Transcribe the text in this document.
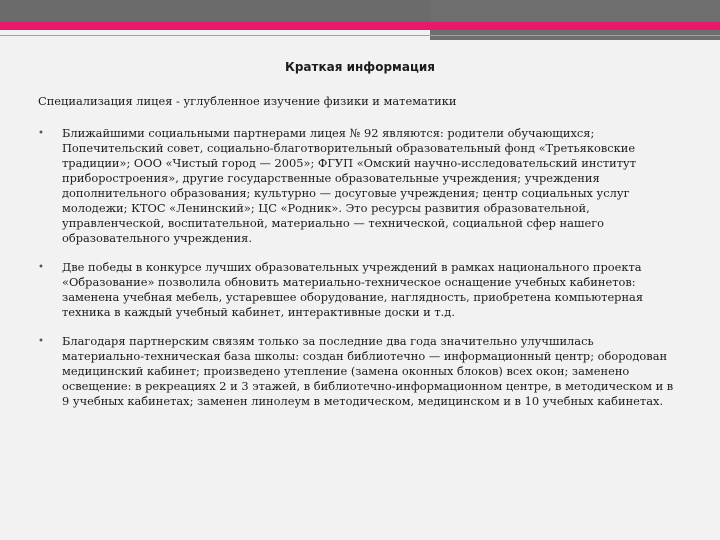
Краткая информация
Специализация лицея - углубленное изучение физики и математики
• Ближайшими социальными партнерами лицея № 92 являются: родители обучающихся; Попечительский совет, социально-благотворительный образовательный фонд «Третьяковские традиции»; ООО «Чистый город — 2005»; ФГУП «Омский научно-исследовательский институт приборостроения», другие государственные образовательные учреждения; учреждения дополнительного образования; культурно — досуговые учреждения; центр социальных услуг молодежи; КТОС «Ленинский»; ЦС «Родник». Это ресурсы развития образовательной, управленческой, воспитательной, материально — технической, социальной сфер нашего образовательного учреждения.
• Две победы в конкурсе лучших образовательных учреждений в рамках национального проекта «Образование» позволила обновить материально-техническое оснащение учебных кабинетов: заменена учебная мебель, устаревшее оборудование, наглядность, приобретена компьютерная техника в каждый учебный кабинет, интерактивные доски и т.д.
• Благодаря партнерским связям только за последние два года значительно улучшилась материально-техническая база школы: создан библиотечно — информационный центр; обородован медицинский кабинет; произведено утепление (замена оконных блоков) всех окон; заменено освещение: в рекреациях 2 и 3 этажей, в библиотечно-информационном центре, в методическом и в 9 учебных кабинетах; заменен линолеум в методическом, медицинском и в 10 учебных кабинетах.
